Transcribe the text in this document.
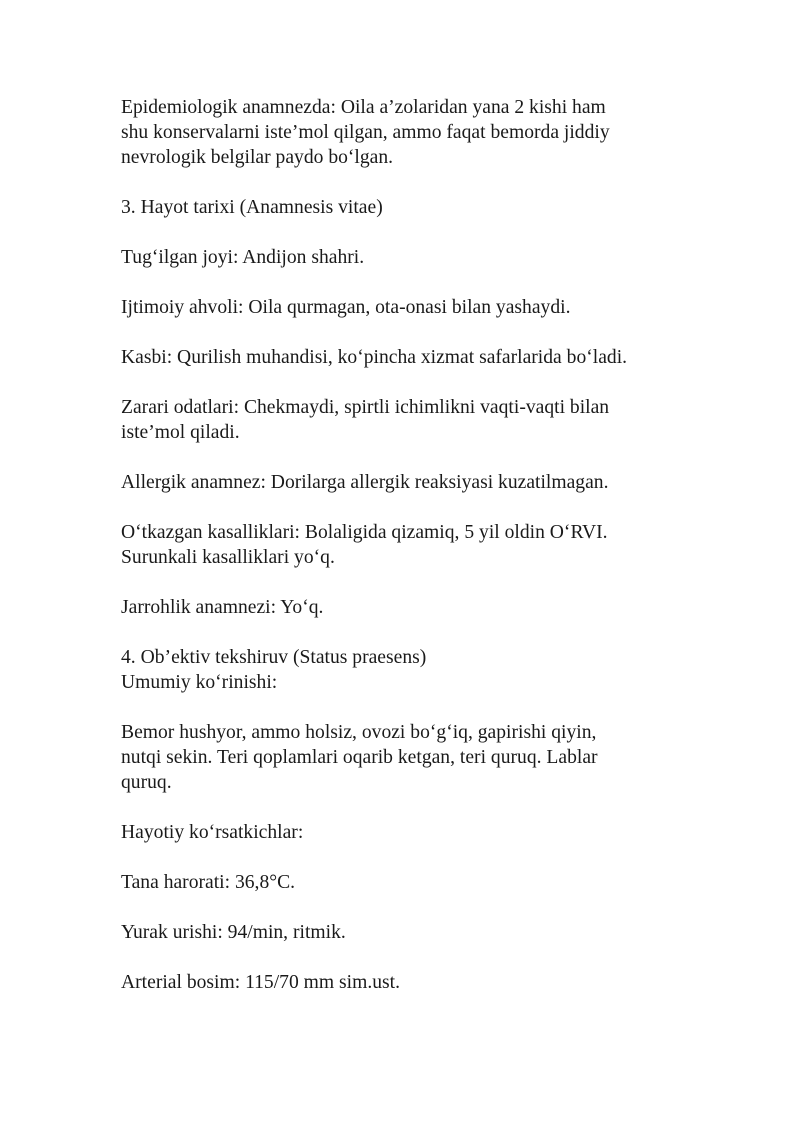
Epidemiologik anamnezda: Oila a’zolaridan yana 2 kishi ham
shu konservalarni iste’mol qilgan, ammo faqat bemorda jiddiy
nevrologik belgilar paydo bo‘lgan.

3. Hayot tarixi (Anamnesis vitae)

Tug‘ilgan joyi: Andijon shahri.

Ijtimoiy ahvoli: Oila qurmagan, ota-onasi bilan yashaydi.

Kasbi: Qurilish muhandisi, ko‘pincha xizmat safarlarida bo‘ladi.

Zarari odatlari: Chekmaydi, spirtli ichimlikni vaqti-vaqti bilan
iste’mol qiladi.

Allergik anamnez: Dorilarga allergik reaksiyasi kuzatilmagan.

O‘tkazgan kasalliklari: Bolaligida qizamiq, 5 yil oldin O‘RVI.
Surunkali kasalliklari yo‘q.

Jarrohlik anamnezi: Yo‘q.

4. Ob’ektiv tekshiruv (Status praesens)
Umumiy ko‘rinishi:

Bemor hushyor, ammo holsiz, ovozi bo‘g‘iq, gapirishi qiyin,
nutqi sekin. Teri qoplamlari oqarib ketgan, teri quruq. Lablar
quruq.

Hayotiy ko‘rsatkichlar:

Tana harorati: 36,8°C.

Yurak urishi: 94/min, ritmik.

Arterial bosim: 115/70 mm sim.ust.
